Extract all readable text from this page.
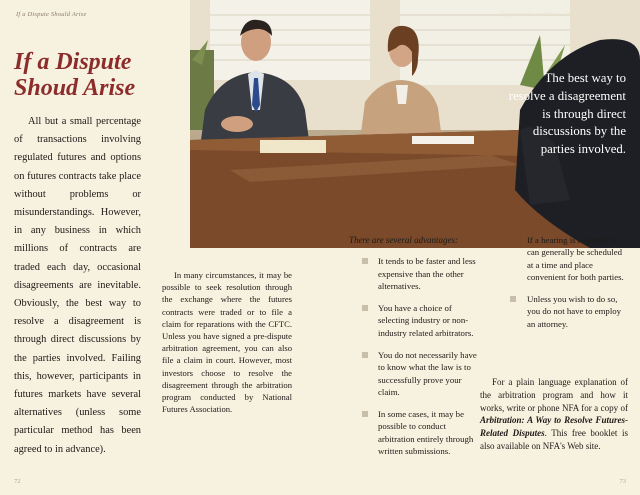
If a Dispute Should Arise
If a Dispute
Shoud Arise

All but a small percentage of transactions involving regulated futures and options on futures contracts take place without problems or misunderstandings. However, in any business in which millions of contracts are traded each day, occasional disagreements are inevitable. Obviously, the best way to resolve a disagreement is through direct discussions by the parties involved. Failing this, however, participants in futures markets have several alternatives (unless some particular method has been agreed to in advance).

Opportunity and Risk: An Educational Guide

The best way to resolve a disagreement is through direct discussions by the parties involved.

In many circumstances, it may be possible to seek resolution through the exchange where the futures contracts were traded or to file a claim for reparations with the CFTC. Unless you have signed a pre-dispute arbitration agreement, you can also file a claim in court. However, most investors choose to resolve the disagreement through the arbitration program conducted by National Futures Association.

There are several advantages:

It tends to be faster and less expensive than the other alternatives.
You have a choice of selecting industry or non-industry related arbitrators.
You do not necessarily have to know what the law is to successfully prove your claim.
In some cases, it may be possible to conduct arbitration entirely through written submissions.

If a hearing is required, it can generally be scheduled at a time and place convenient for both parties.

Unless you wish to do so, you do not have to employ an attorney.

For a plain language explanation of the arbitration program and how it works, write or phone NFA for a copy of Arbitration: A Way to Resolve Futures-Related Disputes. This free booklet is also available on NFA's Web site.

72	73
